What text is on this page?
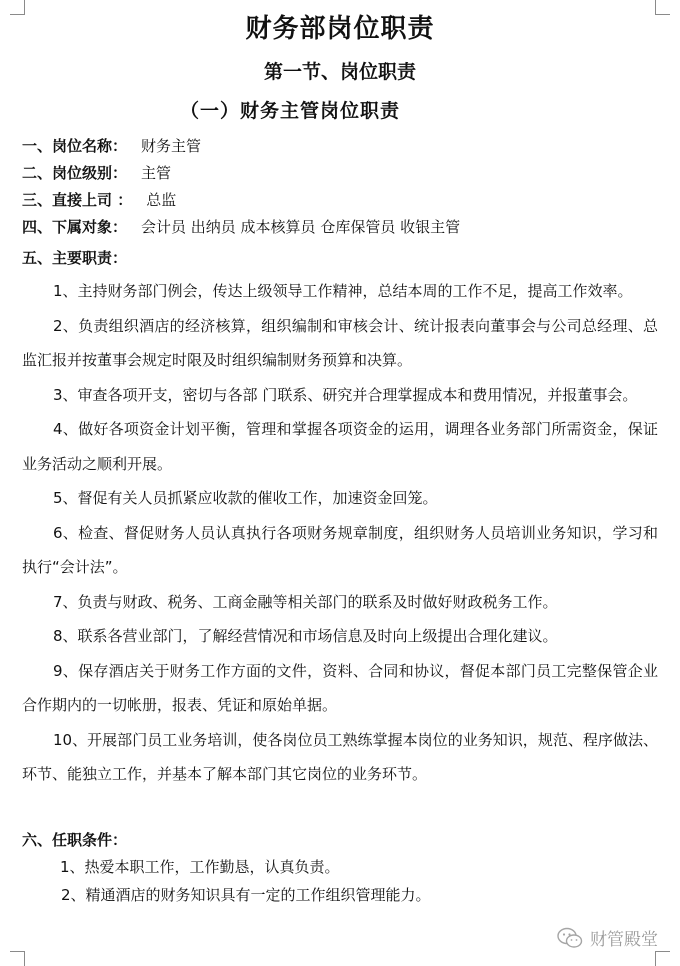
财务部岗位职责
第一节、岗位职责
（一）财务主管岗位职责
一、岗位名称： 财务主管
二、岗位级别： 主管
三、直接上司 ： 总监
四、下属对象： 会计员 出纳员 成本核算员 仓库保管员 收银主管
五、主要职责：
1、主持财务部门例会，传达上级领导工作精神，总结本周的工作不足，提高工作效率。
2、负责组织酒店的经济核算，组织编制和审核会计、统计报表向董事会与公司总经理、总监汇报并按董事会规定时限及时组织编制财务预算和决算。
3、审查各项开支，密切与各部 门联系、研究并合理掌握成本和费用情况，并报董事会。
4、做好各项资金计划平衡，管理和掌握各项资金的运用，调理各业务部门所需资金，保证业务活动之顺利开展。
5、督促有关人员抓紧应收款的催收工作，加速资金回笼。
6、检查、督促财务人员认真执行各项财务规章制度，组织财务人员培训业务知识，学习和执行“会计法”。
7、负责与财政、税务、工商金融等相关部门的联系及时做好财政税务工作。
8、联系各营业部门，了解经营情况和市场信息及时向上级提出合理化建议。
9、保存酒店关于财务工作方面的文件，资料、合同和协议，督促本部门员工完整保管企业合作期内的一切帐册，报表、凭证和原始单据。
10、开展部门员工业务培训，使各岗位员工熟练掌握本岗位的业务知识，规范、程序做法、环节、能独立工作，并基本了解本部门其它岗位的业务环节。
六、任职条件：
1、热爱本职工作，工作勤恳，认真负责。
2、精通酒店的财务知识具有一定的工作组织管理能力。
财管殿堂
